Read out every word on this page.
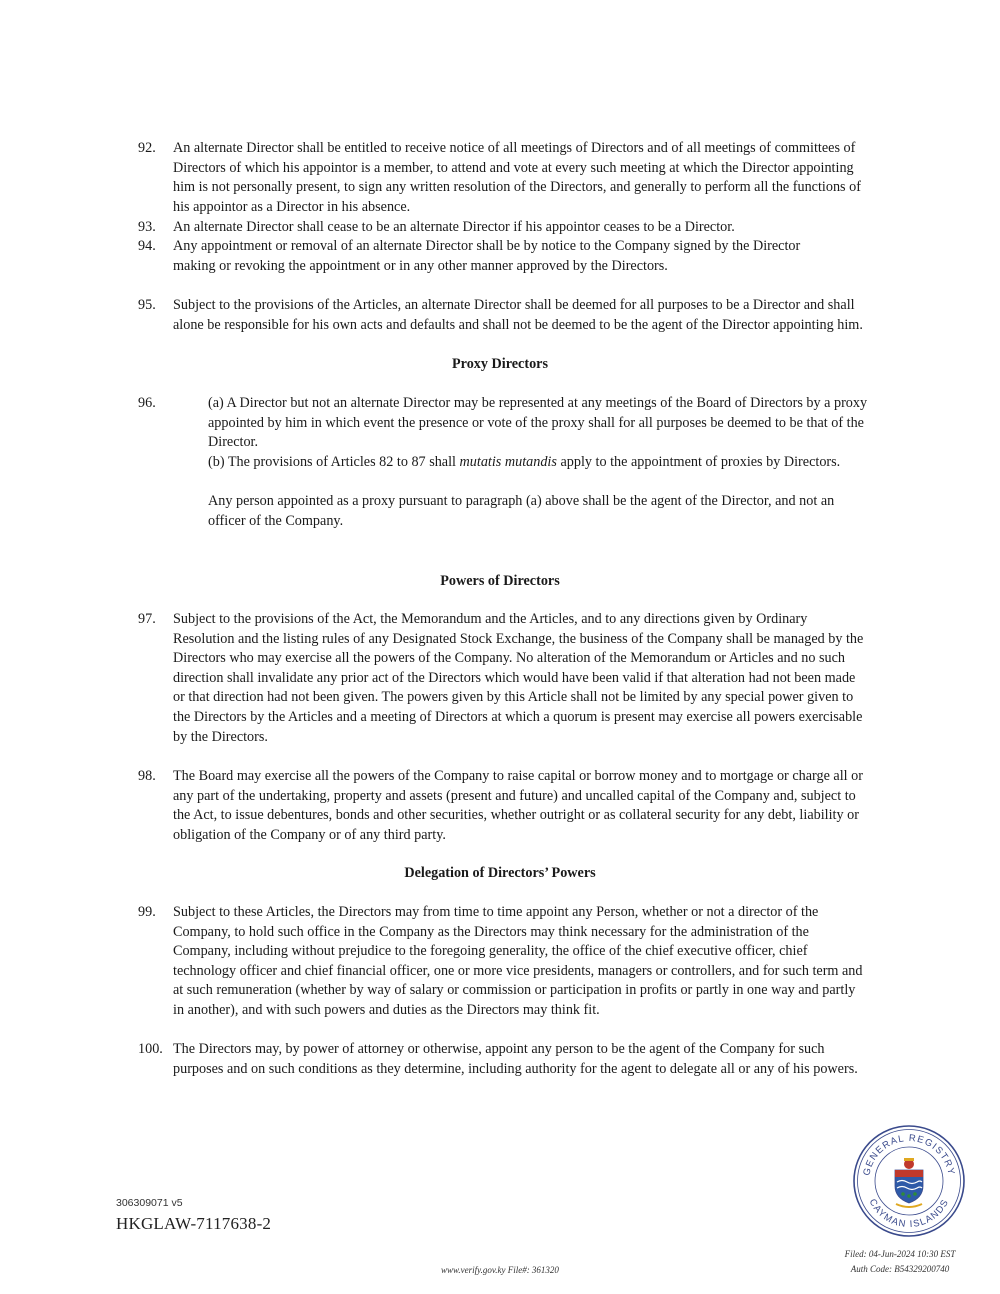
92.	An alternate Director shall be entitled to receive notice of all meetings of Directors and of all meetings of committees of Directors of which his appointor is a member, to attend and vote at every such meeting at which the Director appointing him is not personally present, to sign any written resolution of the Directors, and generally to perform all the functions of his appointor as a Director in his absence.
93.	An alternate Director shall cease to be an alternate Director if his appointor ceases to be a Director.
94.	Any appointment or removal of an alternate Director shall be by notice to the Company signed by the Director making or revoking the appointment or in any other manner approved by the Directors.
95.	Subject to the provisions of the Articles, an alternate Director shall be deemed for all purposes to be a Director and shall alone be responsible for his own acts and defaults and shall not be deemed to be the agent of the Director appointing him.
Proxy Directors
96.	(a) A Director but not an alternate Director may be represented at any meetings of the Board of Directors by a proxy appointed by him in which event the presence or vote of the proxy shall for all purposes be deemed to be that of the Director.
(b) The provisions of Articles 82 to 87 shall mutatis mutandis apply to the appointment of proxies by Directors.
Any person appointed as a proxy pursuant to paragraph (a) above shall be the agent of the Director, and not an officer of the Company.
Powers of Directors
97.	Subject to the provisions of the Act, the Memorandum and the Articles, and to any directions given by Ordinary Resolution and the listing rules of any Designated Stock Exchange, the business of the Company shall be managed by the Directors who may exercise all the powers of the Company. No alteration of the Memorandum or Articles and no such direction shall invalidate any prior act of the Directors which would have been valid if that alteration had not been made or that direction had not been given. The powers given by this Article shall not be limited by any special power given to the Directors by the Articles and a meeting of Directors at which a quorum is present may exercise all powers exercisable by the Directors.
98.	The Board may exercise all the powers of the Company to raise capital or borrow money and to mortgage or charge all or any part of the undertaking, property and assets (present and future) and uncalled capital of the Company and, subject to the Act, to issue debentures, bonds and other securities, whether outright or as collateral security for any debt, liability or obligation of the Company or of any third party.
Delegation of Directors’ Powers
99.	Subject to these Articles, the Directors may from time to time appoint any Person, whether or not a director of the Company, to hold such office in the Company as the Directors may think necessary for the administration of the Company, including without prejudice to the foregoing generality, the office of the chief executive officer, chief technology officer and chief financial officer, one or more vice presidents, managers or controllers, and for such term and at such remuneration (whether by way of salary or commission or participation in profits or partly in one way and partly in another), and with such powers and duties as the Directors may think fit.
100. The Directors may, by power of attorney or otherwise, appoint any person to be the agent of the Company for such purposes and on such conditions as they determine, including authority for the agent to delegate all or any of his powers.
306309071 v5
HKGLAW-7117638-2
www.verify.gov.ky File#: 361320
Filed: 04-Jun-2024 10:30 EST
Auth Code: B54329200740
GENERAL REGISTRY
CAYMAN ISLANDS
